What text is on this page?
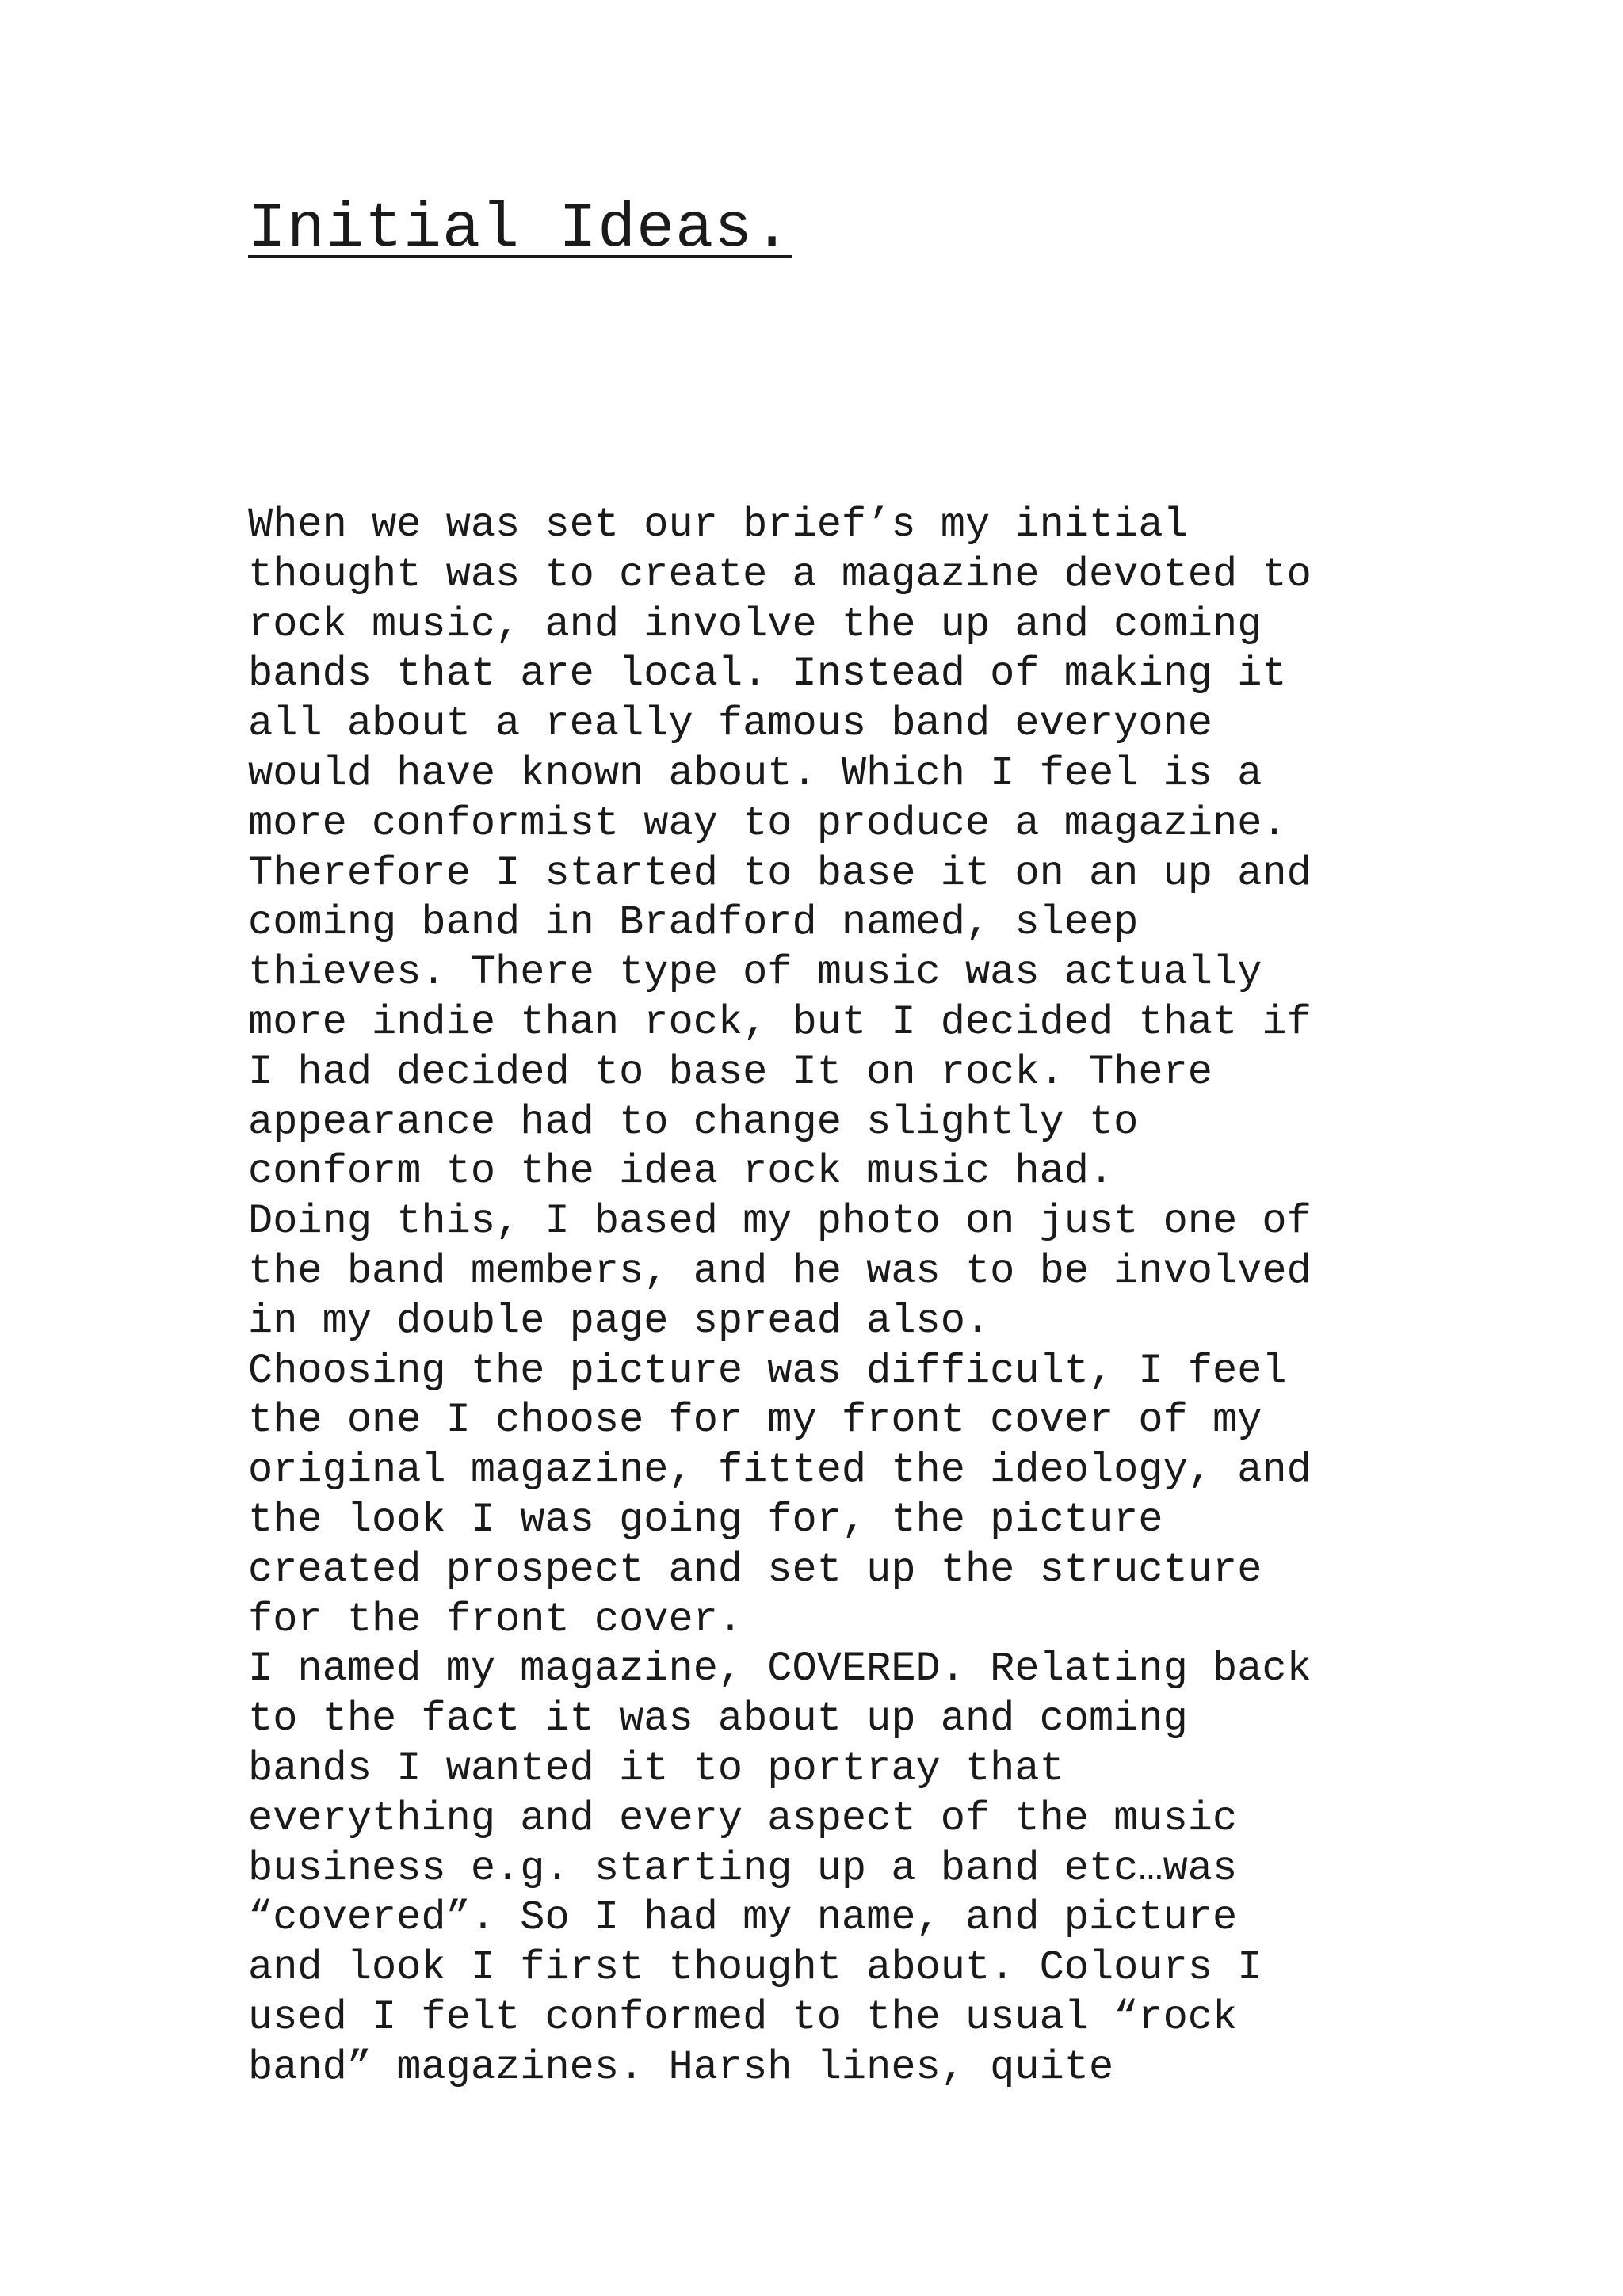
Initial Ideas.
When we was set our brief’s my initial
thought was to create a magazine devoted to
rock music, and involve the up and coming
bands that are local. Instead of making it
all about a really famous band everyone
would have known about. Which I feel is a
more conformist way to produce a magazine.
Therefore I started to base it on an up and
coming band in Bradford named, sleep
thieves. There type of music was actually
more indie than rock, but I decided that if
I had decided to base It on rock. There
appearance had to change slightly to
conform to the idea rock music had.
Doing this, I based my photo on just one of
the band members, and he was to be involved
in my double page spread also.
Choosing the picture was difficult, I feel
the one I choose for my front cover of my
original magazine, fitted the ideology, and
the look I was going for, the picture
created prospect and set up the structure
for the front cover.
I named my magazine, COVERED. Relating back
to the fact it was about up and coming
bands I wanted it to portray that
everything and every aspect of the music
business e.g. starting up a band etc…was
“covered”. So I had my name, and picture
and look I first thought about. Colours I
used I felt conformed to the usual “rock
band” magazines. Harsh lines, quite
